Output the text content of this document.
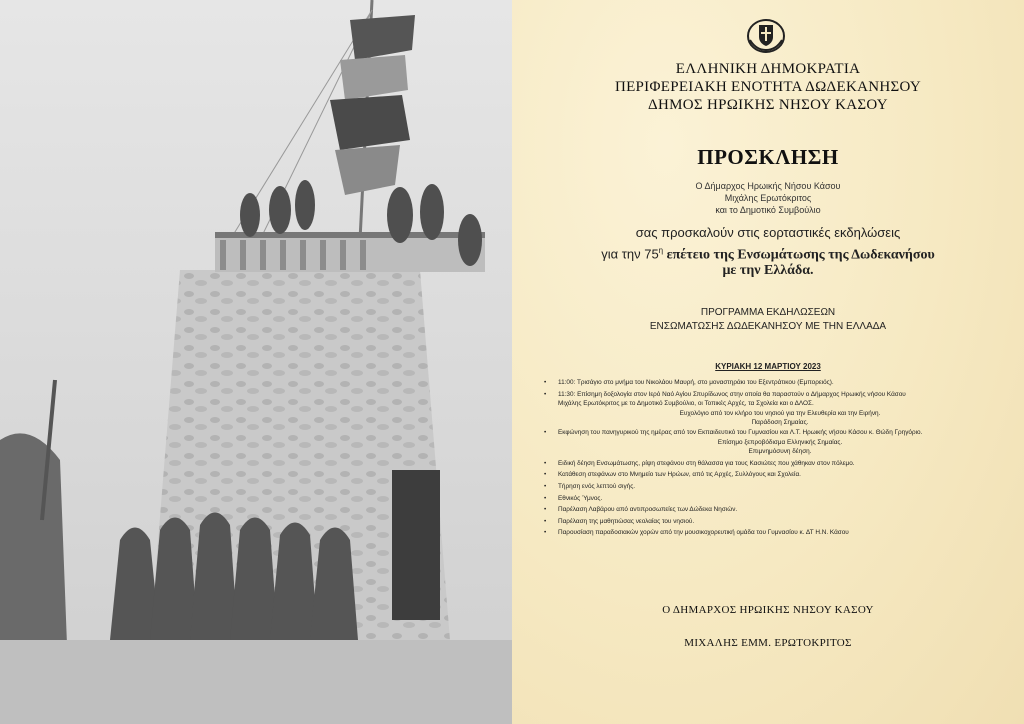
ΕΛΛΗΝΙΚΗ ΔΗΜΟΚΡΑΤΙΑ
ΠΕΡΙΦΕΡΕΙΑΚΗ ΕΝΟΤΗΤΑ ΔΩΔΕΚΑΝΗΣΟΥ
ΔΗΜΟΣ ΗΡΩΙΚΗΣ ΝΗΣΟΥ ΚΑΣΟΥ
ΠΡΟΣΚΛΗΣΗ
Ο Δήμαρχος Ηρωικής Νήσου Κάσου
Μιχάλης Ερωτόκριτος
και το Δημοτικό Συμβούλιο
σας προσκαλούν στις εορταστικές εκδηλώσεις
για την $75^\eta$ επέτειο της Ενσωμάτωσης της Δωδεκανήσου
με την Ελλάδα.
ΠΡΟΓΡΑΜΜΑ ΕΚΔΗΛΩΣΕΩΝ
ΕΝΣΩΜΑΤΩΣΗΣ ΔΩΔΕΚΑΝΗΣΟΥ ΜΕ ΤΗΝ ΕΛΛΑΔΑ
ΚΥΡΙΑΚΗ 12 ΜΑΡΤΙΟΥ 2023
• 11:00: Τρισάγιο στο μνήμα του Νικολάου Μαυρή, στο μοναστηράκι του Εξεντράτικου (Εμπορειός).
• 11:30: Επίσημη δοξολογία στον Ιερό Ναό Αγίου Σπυρίδωνος στην οποία θα παραστούν ο Δήμαρχος Ηρωικής νήσου Κάσου
Μιχάλης Ερωτόκριτος με το Δημοτικό Συμβούλιο, οι Τοπικές Αρχές, τα Σχολεία και ο ΔΛΟΣ.
Ευχολόγιο από τον κλήρο του νησιού για την Ελευθερία και την Ειρήνη.
Παράδοση Σημαίας.
• Εκφώνηση του πανηγυρικού της ημέρας από τον Εκπαιδευτικό του Γυμνασίου και Λ.Τ. Ηρωικής νήσου Κάσου κ. Θώδη Γρηγόριο.
Επίσημο ξεπροβόδισμα Ελληνικής Σημαίας.
Επιμνημόσυνη δέηση.
• Ειδική δέηση Ενσωμάτωσης, ρίψη στεφάνου στη θάλασσα για τους Κασιώτες που χάθηκαν στον πόλεμο.
• Κατάθεση στεφάνων στο Μνημείο των Ηρώων, από τις Αρχές, Συλλόγους και Σχολεία.
• Τήρηση ενός λεπτού σιγής.
• Εθνικός Ύμνος.
• Παρέλαση Λαβάρου από αντιπροσωπείες των Δώδεκα Νησιών.
• Παρέλαση της μαθητιώσας νεολαίας του νησιού.
• Παρουσίαση παραδοσιακών χορών από την μουσικοχορευτική ομάδα του Γυμνασίου κ. ΔΤ Η.Ν. Κάσου
Ο ΔΗΜΑΡΧΟΣ ΗΡΩΙΚΗΣ ΝΗΣΟΥ ΚΑΣΟΥ
ΜΙΧΑΛΗΣ ΕΜΜ. ΕΡΩΤΟΚΡΙΤΟΣ
